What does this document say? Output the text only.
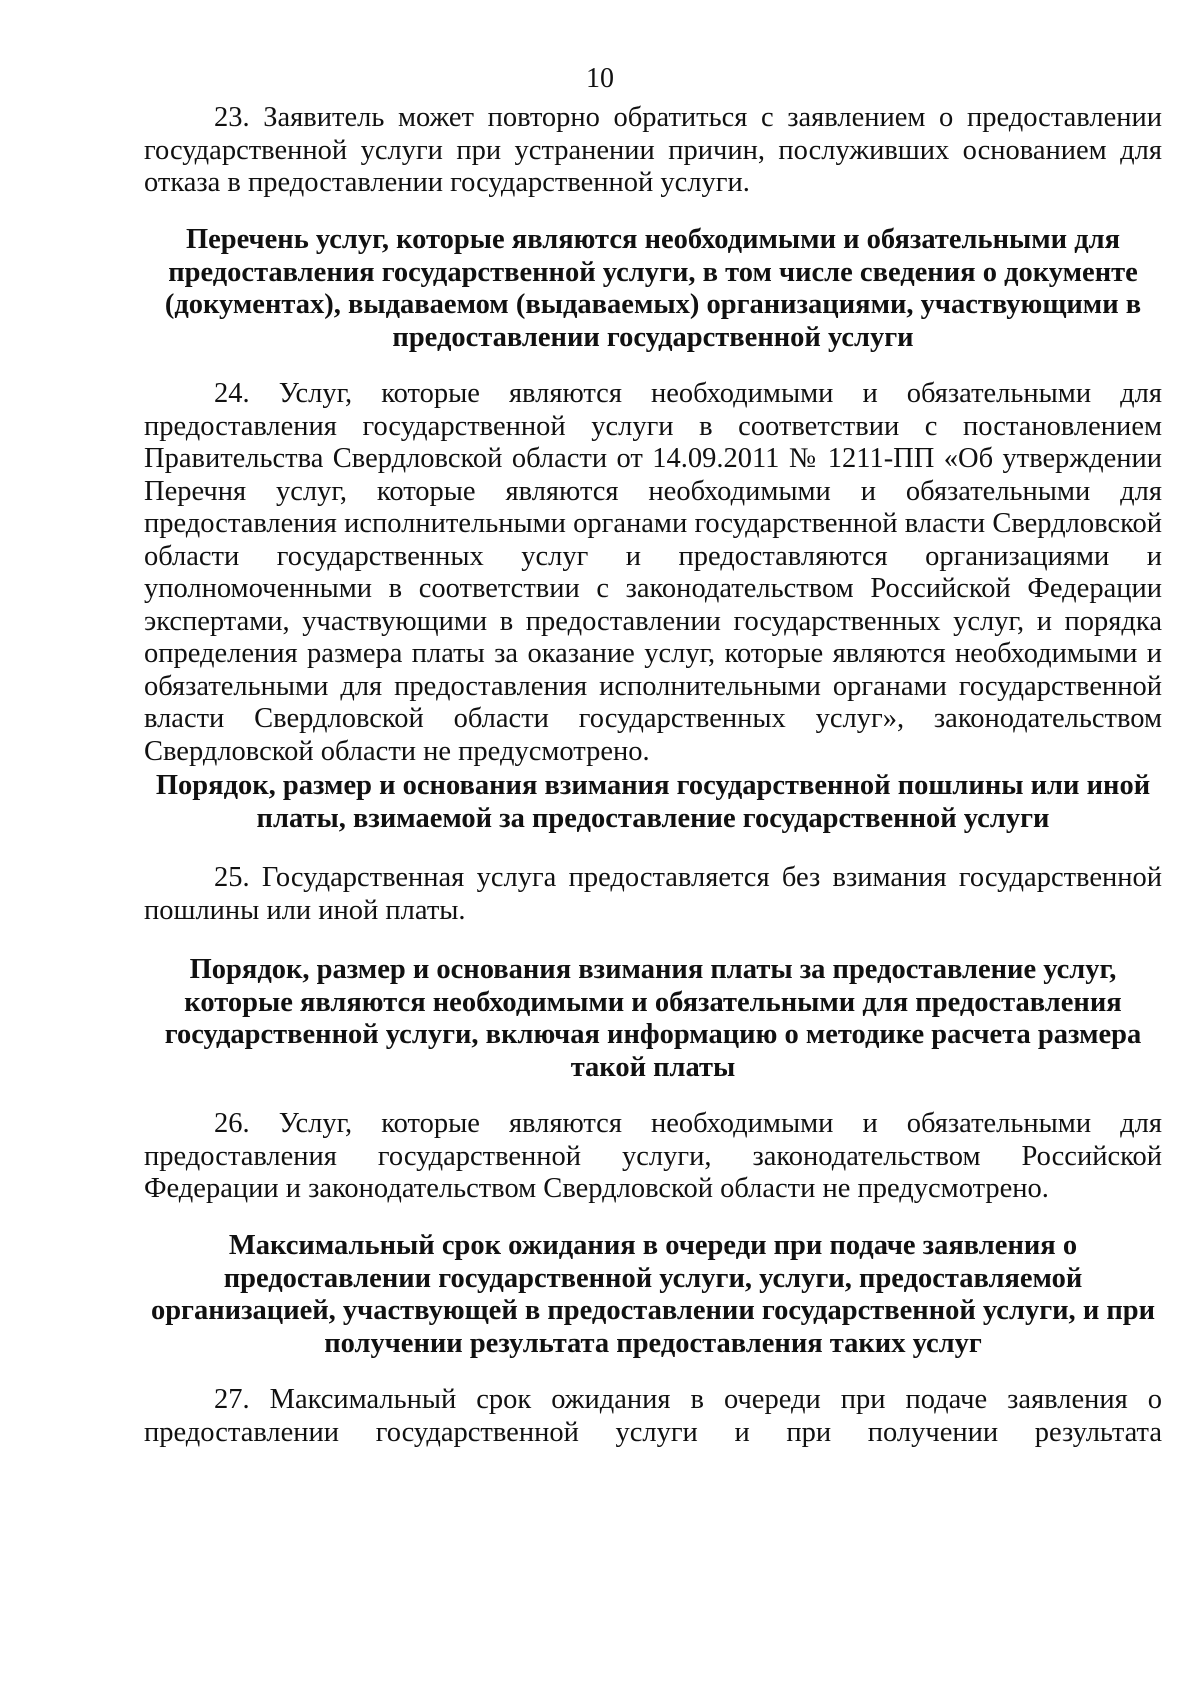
10

23. Заявитель может повторно обратиться с заявлением о предоставлении государственной услуги при устранении причин, послуживших основанием для отказа в предоставлении государственной услуги.

Перечень услуг, которые являются необходимыми и обязательными для предоставления государственной услуги, в том числе сведения о документе (документах), выдаваемом (выдаваемых) организациями, участвующими в предоставлении государственной услуги

24. Услуг, которые являются необходимыми и обязательными для предоставления государственной услуги в соответствии с постановлением Правительства Свердловской области от 14.09.2011 № 1211-ПП «Об утверждении Перечня услуг, которые являются необходимыми и обязательными для предоставления исполнительными органами государственной власти Свердловской области государственных услуг и предоставляются организациями и уполномоченными в соответствии с законодательством Российской Федерации экспертами, участвующими в предоставлении государственных услуг, и порядка определения размера платы за оказание услуг, которые являются необходимыми и обязательными для предоставления исполнительными органами государственной власти Свердловской области государственных услуг», законодательством Свердловской области не предусмотрено.

Порядок, размер и основания взимания государственной пошлины или иной платы, взимаемой за предоставление государственной услуги

25. Государственная услуга предоставляется без взимания государственной пошлины или иной платы.

Порядок, размер и основания взимания платы за предоставление услуг, которые являются необходимыми и обязательными для предоставления государственной услуги, включая информацию о методике расчета размера такой платы

26. Услуг, которые являются необходимыми и обязательными для предоставления государственной услуги, законодательством Российской Федерации и законодательством Свердловской области не предусмотрено.

Максимальный срок ожидания в очереди при подаче заявления о предоставлении государственной услуги, услуги, предоставляемой организацией, участвующей в предоставлении государственной услуги, и при получении результата предоставления таких услуг

27. Максимальный срок ожидания в очереди при подаче заявления о предоставлении государственной услуги и при получении результата
